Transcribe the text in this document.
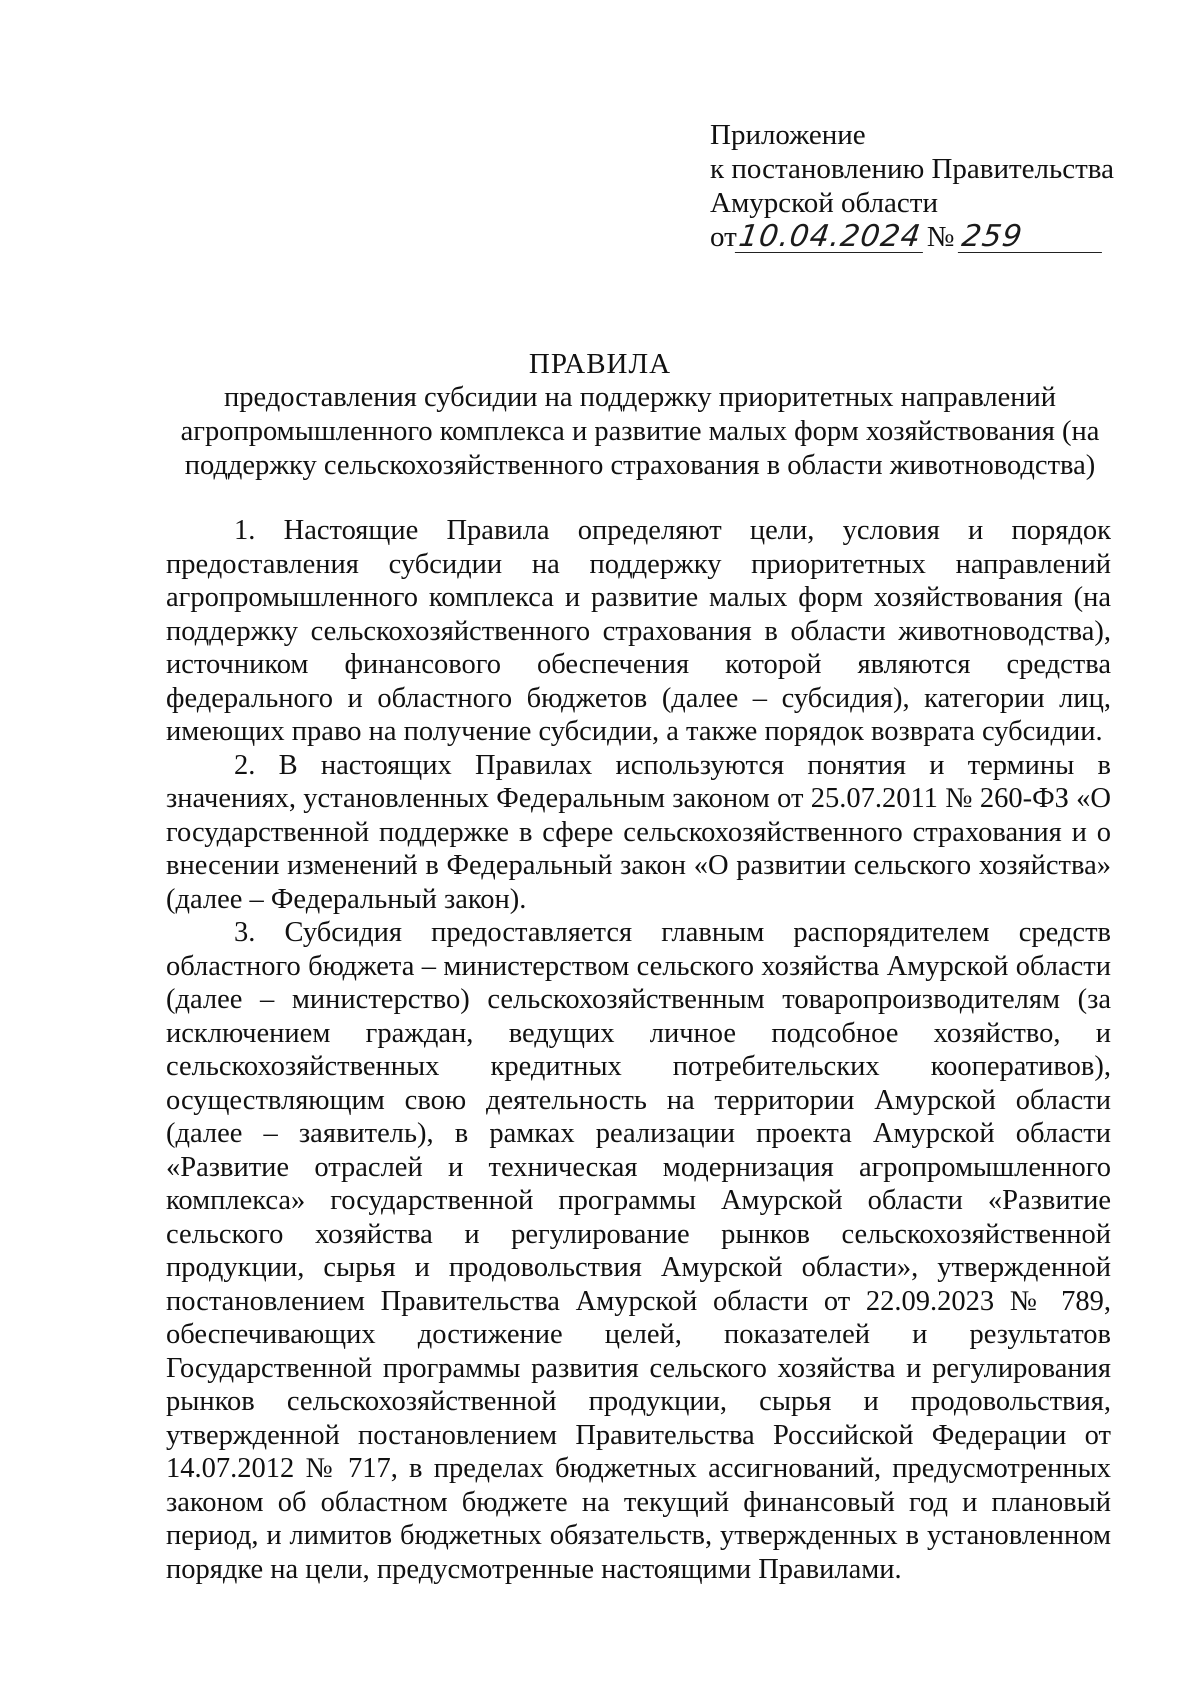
Приложение
к постановлению Правительства
Амурской области
от10.04.2024 № 259
ПРАВИЛА
предоставления субсидии на поддержку приоритетных направлений
агропромышленного комплекса и развитие малых форм хозяйствования (на
поддержку сельскохозяйственного страхования в области животноводства)

1. Настоящие Правила определяют цели, условия и порядок предоставления субсидии на поддержку приоритетных направлений агропромышленного комплекса и развитие малых форм хозяйствования (на поддержку сельскохозяйственного страхования в области животноводства), источником финансового обеспечения которой являются средства федерального и областного бюджетов (далее – субсидия), категории лиц, имеющих право на получение субсидии, а также порядок возврата субсидии.

2. В настоящих Правилах используются понятия и термины в значениях, установленных Федеральным законом от 25.07.2011 № 260-ФЗ «О государственной поддержке в сфере сельскохозяйственного страхования и о внесении изменений в Федеральный закон «О развитии сельского хозяйства» (далее – Федеральный закон).

3. Субсидия предоставляется главным распорядителем средств областного бюджета – министерством сельского хозяйства Амурской области (далее – министерство) сельскохозяйственным товаропроизводителям (за исключением граждан, ведущих личное подсобное хозяйство, и сельскохозяйственных кредитных потребительских кооперативов), осуществляющим свою деятельность на территории Амурской области (далее – заявитель), в рамках реализации проекта Амурской области «Развитие отраслей и техническая модернизация агропромышленного комплекса» государственной программы Амурской области «Развитие сельского хозяйства и регулирование рынков сельскохозяйственной продукции, сырья и продовольствия Амурской области», утвержденной постановлением Правительства Амурской области от 22.09.2023 № 789, обеспечивающих достижение целей, показателей и результатов Государственной программы развития сельского хозяйства и регулирования рынков сельскохозяйственной продукции, сырья и продовольствия, утвержденной постановлением Правительства Российской Федерации от 14.07.2012 № 717, в пределах бюджетных ассигнований, предусмотренных законом об областном бюджете на текущий финансовый год и плановый период, и лимитов бюджетных обязательств, утвержденных в установленном порядке на цели, предусмотренные настоящими Правилами.
